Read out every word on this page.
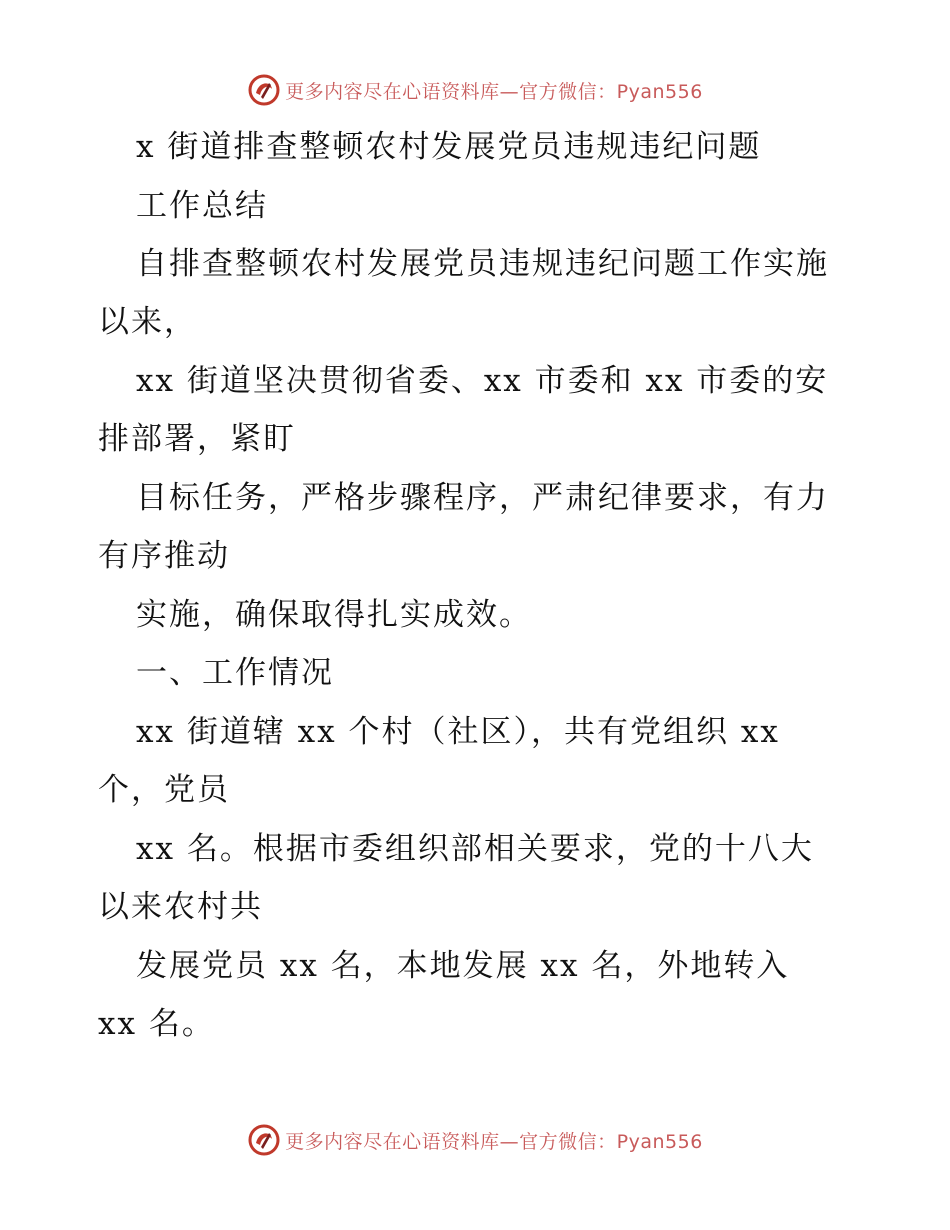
更多内容尽在心语资料库—官方微信：Pyan556
x 街道排查整顿农村发展党员违规违纪问题
工作总结
自排查整顿农村发展党员违规违纪问题工作实施
以来，
xx 街道坚决贯彻省委、xx 市委和 xx 市委的安
排部署，紧盯
目标任务，严格步骤程序，严肃纪律要求，有力
有序推动
实施，确保取得扎实成效。
一、工作情况
xx 街道辖 xx 个村（社区），共有党组织 xx
个，党员
xx 名。根据市委组织部相关要求，党的十八大
以来农村共
发展党员 xx 名，本地发展 xx 名，外地转入
xx 名。
更多内容尽在心语资料库—官方微信：Pyan556
